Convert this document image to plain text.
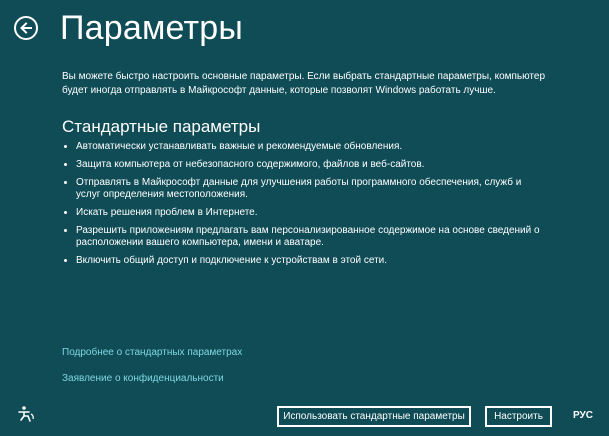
Параметры

Вы можете быстро настроить основные параметры. Если выбрать стандартные параметры, компьютер будет иногда отправлять в Майкрософт данные, которые позволят Windows работать лучше.

Стандартные параметры
Автоматически устанавливать важные и рекомендуемые обновления.
Защита компьютера от небезопасного содержимого, файлов и веб-сайтов.
Отправлять в Майкрософт данные для улучшения работы программного обеспечения, служб и услуг определения местоположения.
Искать решения проблем в Интернете.
Разрешить приложениям предлагать вам персонализированное содержимое на основе сведений о расположении вашего компьютера, имени и аватаре.
Включить общий доступ и подключение к устройствам в этой сети.
Подробнее о стандартных параметрах
Заявление о конфиденциальности
Использовать стандартные параметры	Настроить	РУС
